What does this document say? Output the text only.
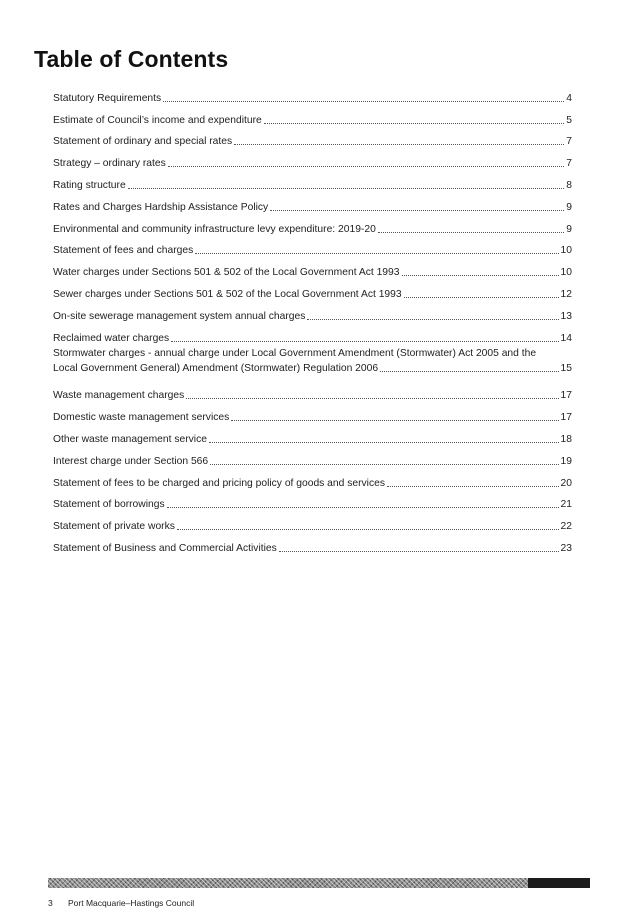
Table of Contents
Statutory Requirements	4
Estimate of Council’s income and expenditure	5
Statement of ordinary and special rates	7
Strategy – ordinary rates	7
Rating structure	8
Rates and Charges Hardship Assistance Policy	9
Environmental and community infrastructure levy expenditure: 2019-20	9
Statement of fees and charges	10
Water charges under Sections 501 & 502 of the Local Government Act 1993	10
Sewer charges under Sections 501 & 502 of the Local Government Act 1993	12
On-site sewerage management system annual charges	13
Reclaimed water charges	14
Stormwater charges - annual charge under Local Government Amendment (Stormwater) Act 2005 and the
Local Government General) Amendment (Stormwater) Regulation 2006	15
Waste management charges	17
Domestic waste management services	17
Other waste management service	18
Interest charge under Section 566	19
Statement of fees to be charged and pricing policy of goods and services	20
Statement of borrowings	21
Statement of private works	22
Statement of Business and Commercial Activities	23
3 Port Macquarie–Hastings Council
